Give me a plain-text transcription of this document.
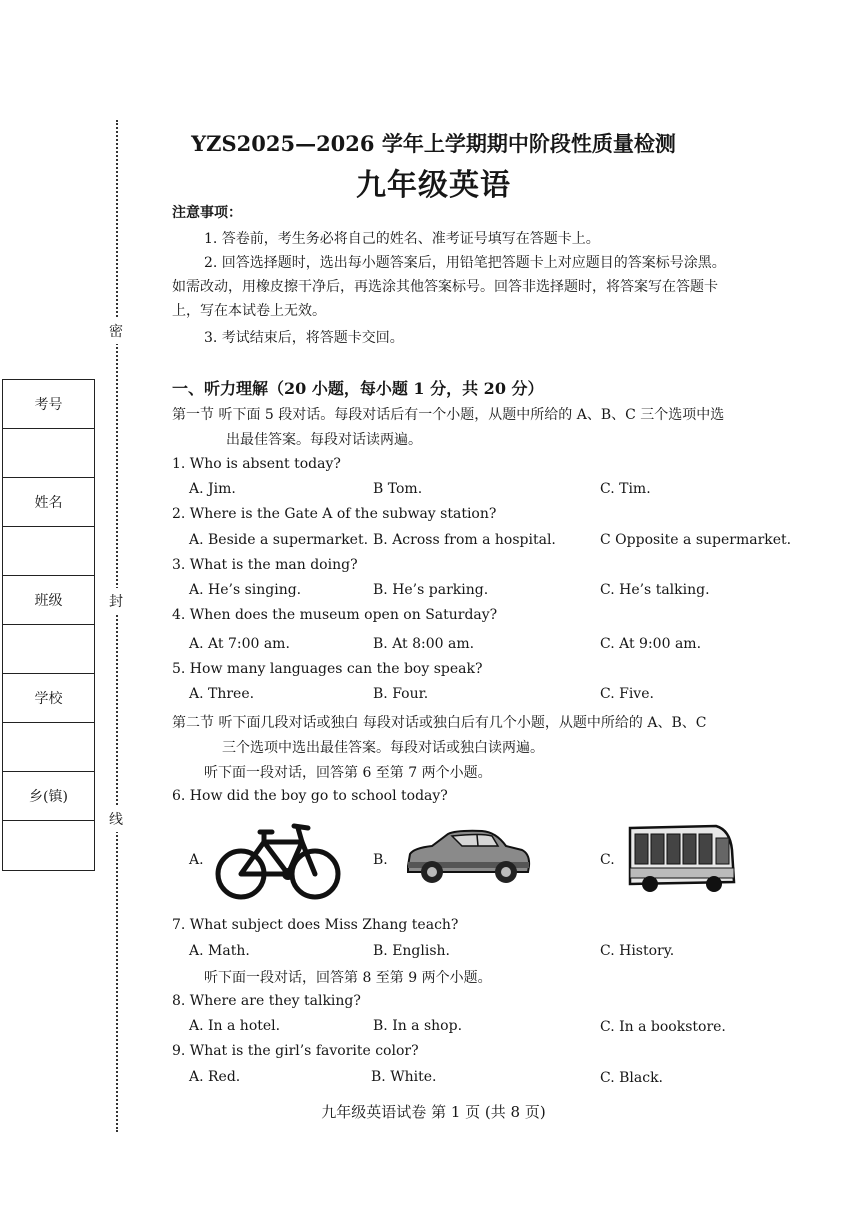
密
封
线
考号
姓名
班级
学校
乡(镇)
YZS2025—2026 学年上学期期中阶段性质量检测
九年级英语
注意事项：
1. 答卷前，考生务必将自己的姓名、准考证号填写在答题卡上。
2. 回答选择题时，选出每小题答案后，用铅笔把答题卡上对应题目的答案标号涂黑。
如需改动，用橡皮擦干净后，再选涂其他答案标号。回答非选择题时，将答案写在答题卡
上，写在本试卷上无效。
3. 考试结束后，将答题卡交回。
一、听力理解（20 小题，每小题 1 分，共 20 分）
第一节 听下面 5 段对话。每段对话后有一个小题，从题中所给的 A、B、C 三个选项中选
出最佳答案。每段对话读两遍。
1. Who is absent today?
A. Jim.	B Tom.	C. Tim.
2. Where is the Gate A of the subway station?
A. Beside a supermarket. B. Across from a hospital.	C Opposite a supermarket.
3. What is the man doing?
A. He’s singing.	B. He’s parking.	C. He’s talking.
4. When does the museum open on Saturday?
A. At 7:00 am.	B. At 8:00 am.	C. At 9:00 am.
5. How many languages can the boy speak?
A. Three.	B. Four.	C. Five.
第二节 听下面几段对话或独白 每段对话或独白后有几个小题，从题中所给的 A、B、C
三个选项中选出最佳答案。每段对话或独白读两遍。
听下面一段对话，回答第 6 至第 7 两个小题。
6. How did the boy go to school today?
A.	B.	C.
7. What subject does Miss Zhang teach?
A. Math.	B. English.	C. History.
听下面一段对话，回答第 8 至第 9 两个小题。
8. Where are they talking?
A. In a hotel.	B. In a shop.	C. In a bookstore.
9. What is the girl’s favorite color?
A. Red.	B. White.	C. Black.
九年级英语试卷 第 1 页 (共 8 页)
